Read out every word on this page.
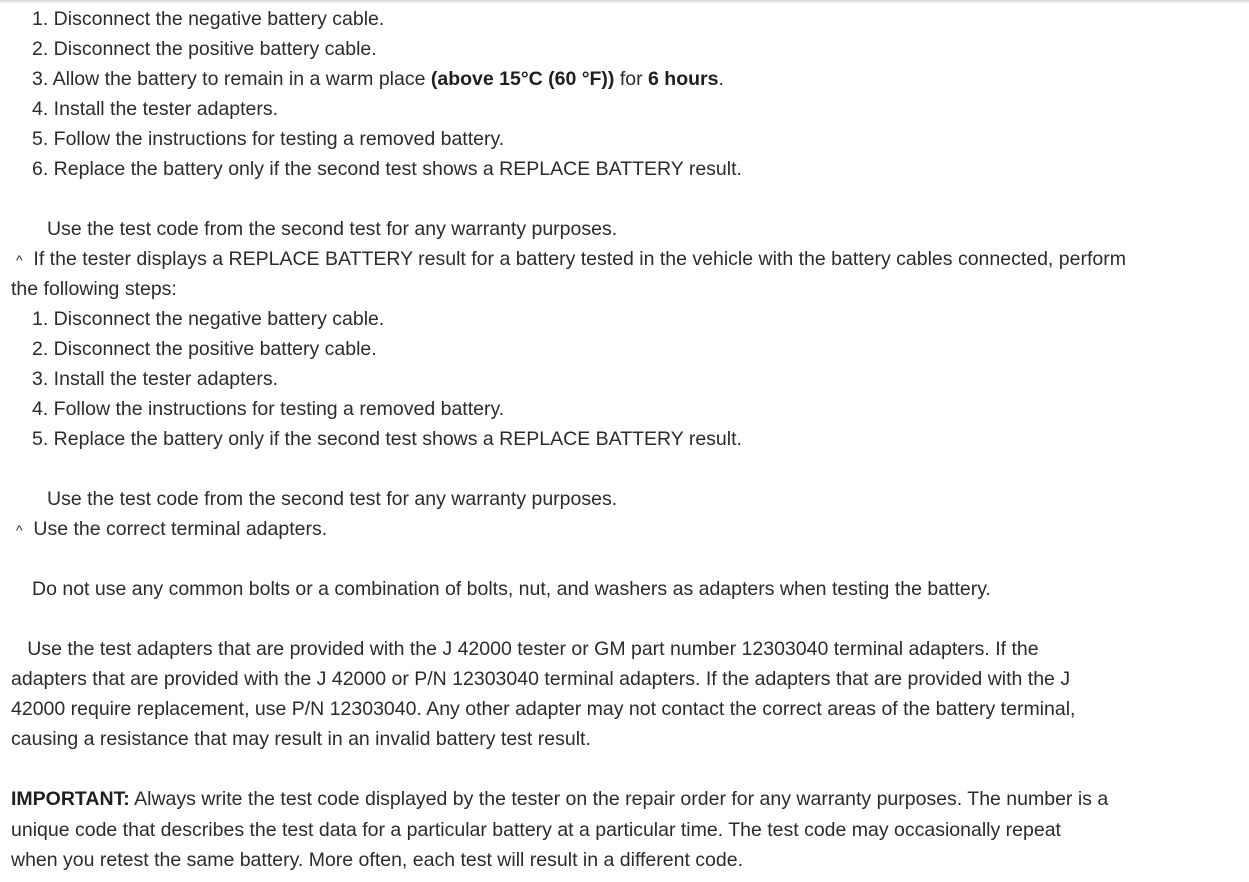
1. Disconnect the negative battery cable.
2. Disconnect the positive battery cable.
3. Allow the battery to remain in a warm place (above 15°C (60 °F)) for 6 hours.
4. Install the tester adapters.
5. Follow the instructions for testing a removed battery.
6. Replace the battery only if the second test shows a REPLACE BATTERY result.
Use the test code from the second test for any warranty purposes.
^ If the tester displays a REPLACE BATTERY result for a battery tested in the vehicle with the battery cables connected, perform
the following steps:
1. Disconnect the negative battery cable.
2. Disconnect the positive battery cable.
3. Install the tester adapters.
4. Follow the instructions for testing a removed battery.
5. Replace the battery only if the second test shows a REPLACE BATTERY result.
Use the test code from the second test for any warranty purposes.
^ Use the correct terminal adapters.
Do not use any common bolts or a combination of bolts, nut, and washers as adapters when testing the battery.
Use the test adapters that are provided with the J 42000 tester or GM part number 12303040 terminal adapters. If the
adapters that are provided with the J 42000 or P/N 12303040 terminal adapters. If the adapters that are provided with the J
42000 require replacement, use P/N 12303040. Any other adapter may not contact the correct areas of the battery terminal,
causing a resistance that may result in an invalid battery test result.
IMPORTANT: Always write the test code displayed by the tester on the repair order for any warranty purposes. The number is a
unique code that describes the test data for a particular battery at a particular time. The test code may occasionally repeat
when you retest the same battery. More often, each test will result in a different code.
